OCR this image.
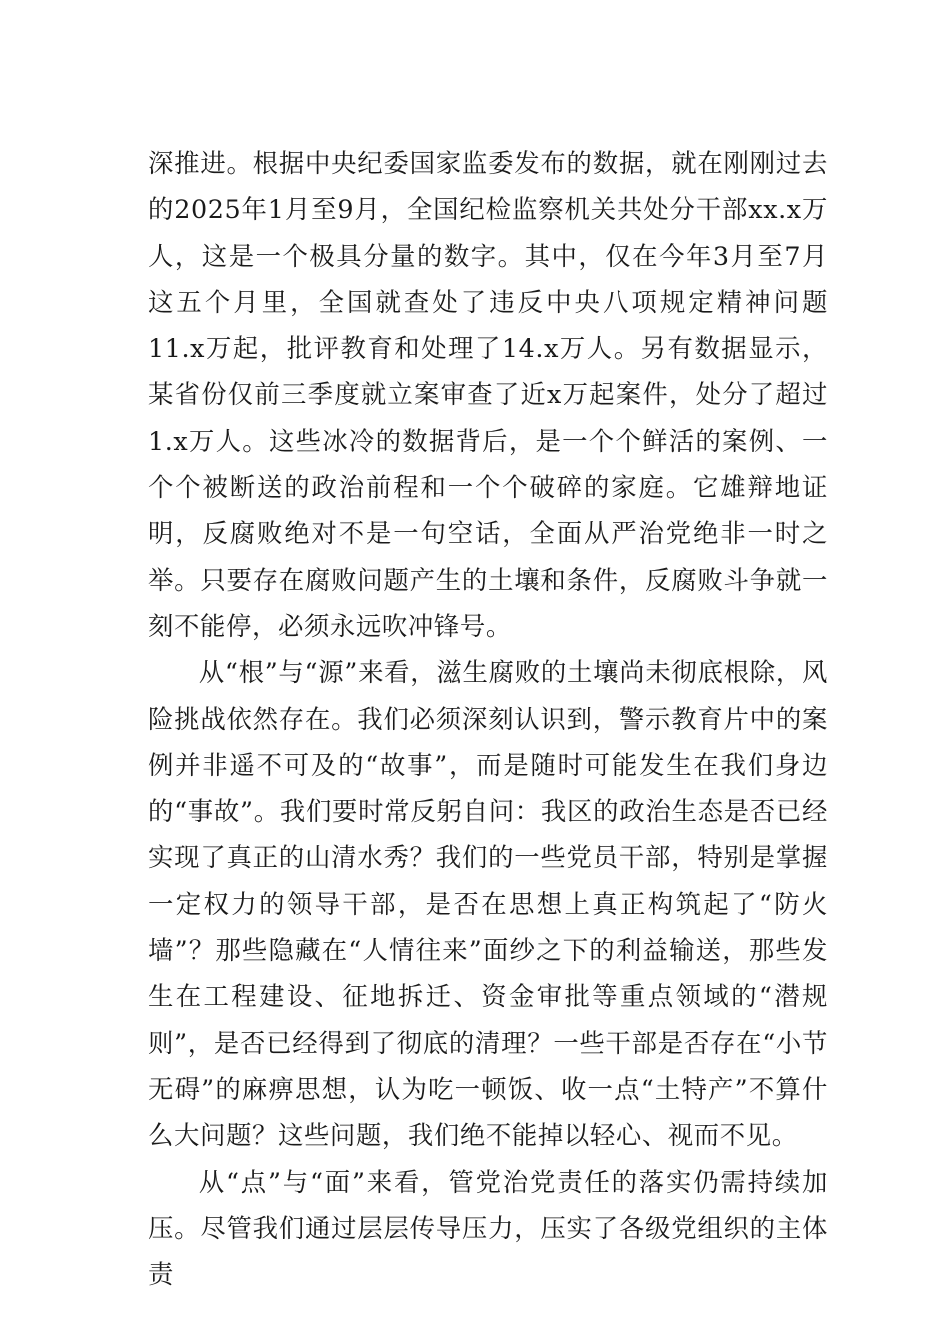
深推进。根据中央纪委国家监委发布的数据，就在刚刚过去的2025年1月至9月，全国纪检监察机关共处分干部xx.x万人，这是一个极具分量的数字。其中，仅在今年3月至7月这五个月里，全国就查处了违反中央八项规定精神问题11.x万起，批评教育和处理了14.x万人。另有数据显示，某省份仅前三季度就立案审查了近x万起案件，处分了超过1.x万人。这些冰冷的数据背后，是一个个鲜活的案例、一个个被断送的政治前程和一个个破碎的家庭。它雄辩地证明，反腐败绝对不是一句空话，全面从严治党绝非一时之举。只要存在腐败问题产生的土壤和条件，反腐败斗争就一刻不能停，必须永远吹冲锋号。

从“根”与“源”来看，滋生腐败的土壤尚未彻底根除，风险挑战依然存在。我们必须深刻认识到，警示教育片中的案例并非遥不可及的“故事”，而是随时可能发生在我们身边的“事故”。我们要时常反躬自问：我区的政治生态是否已经实现了真正的山清水秀？我们的一些党员干部，特别是掌握一定权力的领导干部，是否在思想上真正构筑起了“防火墙”？那些隐藏在“人情往来”面纱之下的利益输送，那些发生在工程建设、征地拆迁、资金审批等重点领域的“潜规则”，是否已经得到了彻底的清理？一些干部是否存在“小节无碍”的麻痹思想，认为吃一顿饭、收一点“土特产”不算什么大问题？这些问题，我们绝不能掉以轻心、视而不见。

从“点”与“面”来看，管党治党责任的落实仍需持续加压。尽管我们通过层层传导压力，压实了各级党组织的主体责
